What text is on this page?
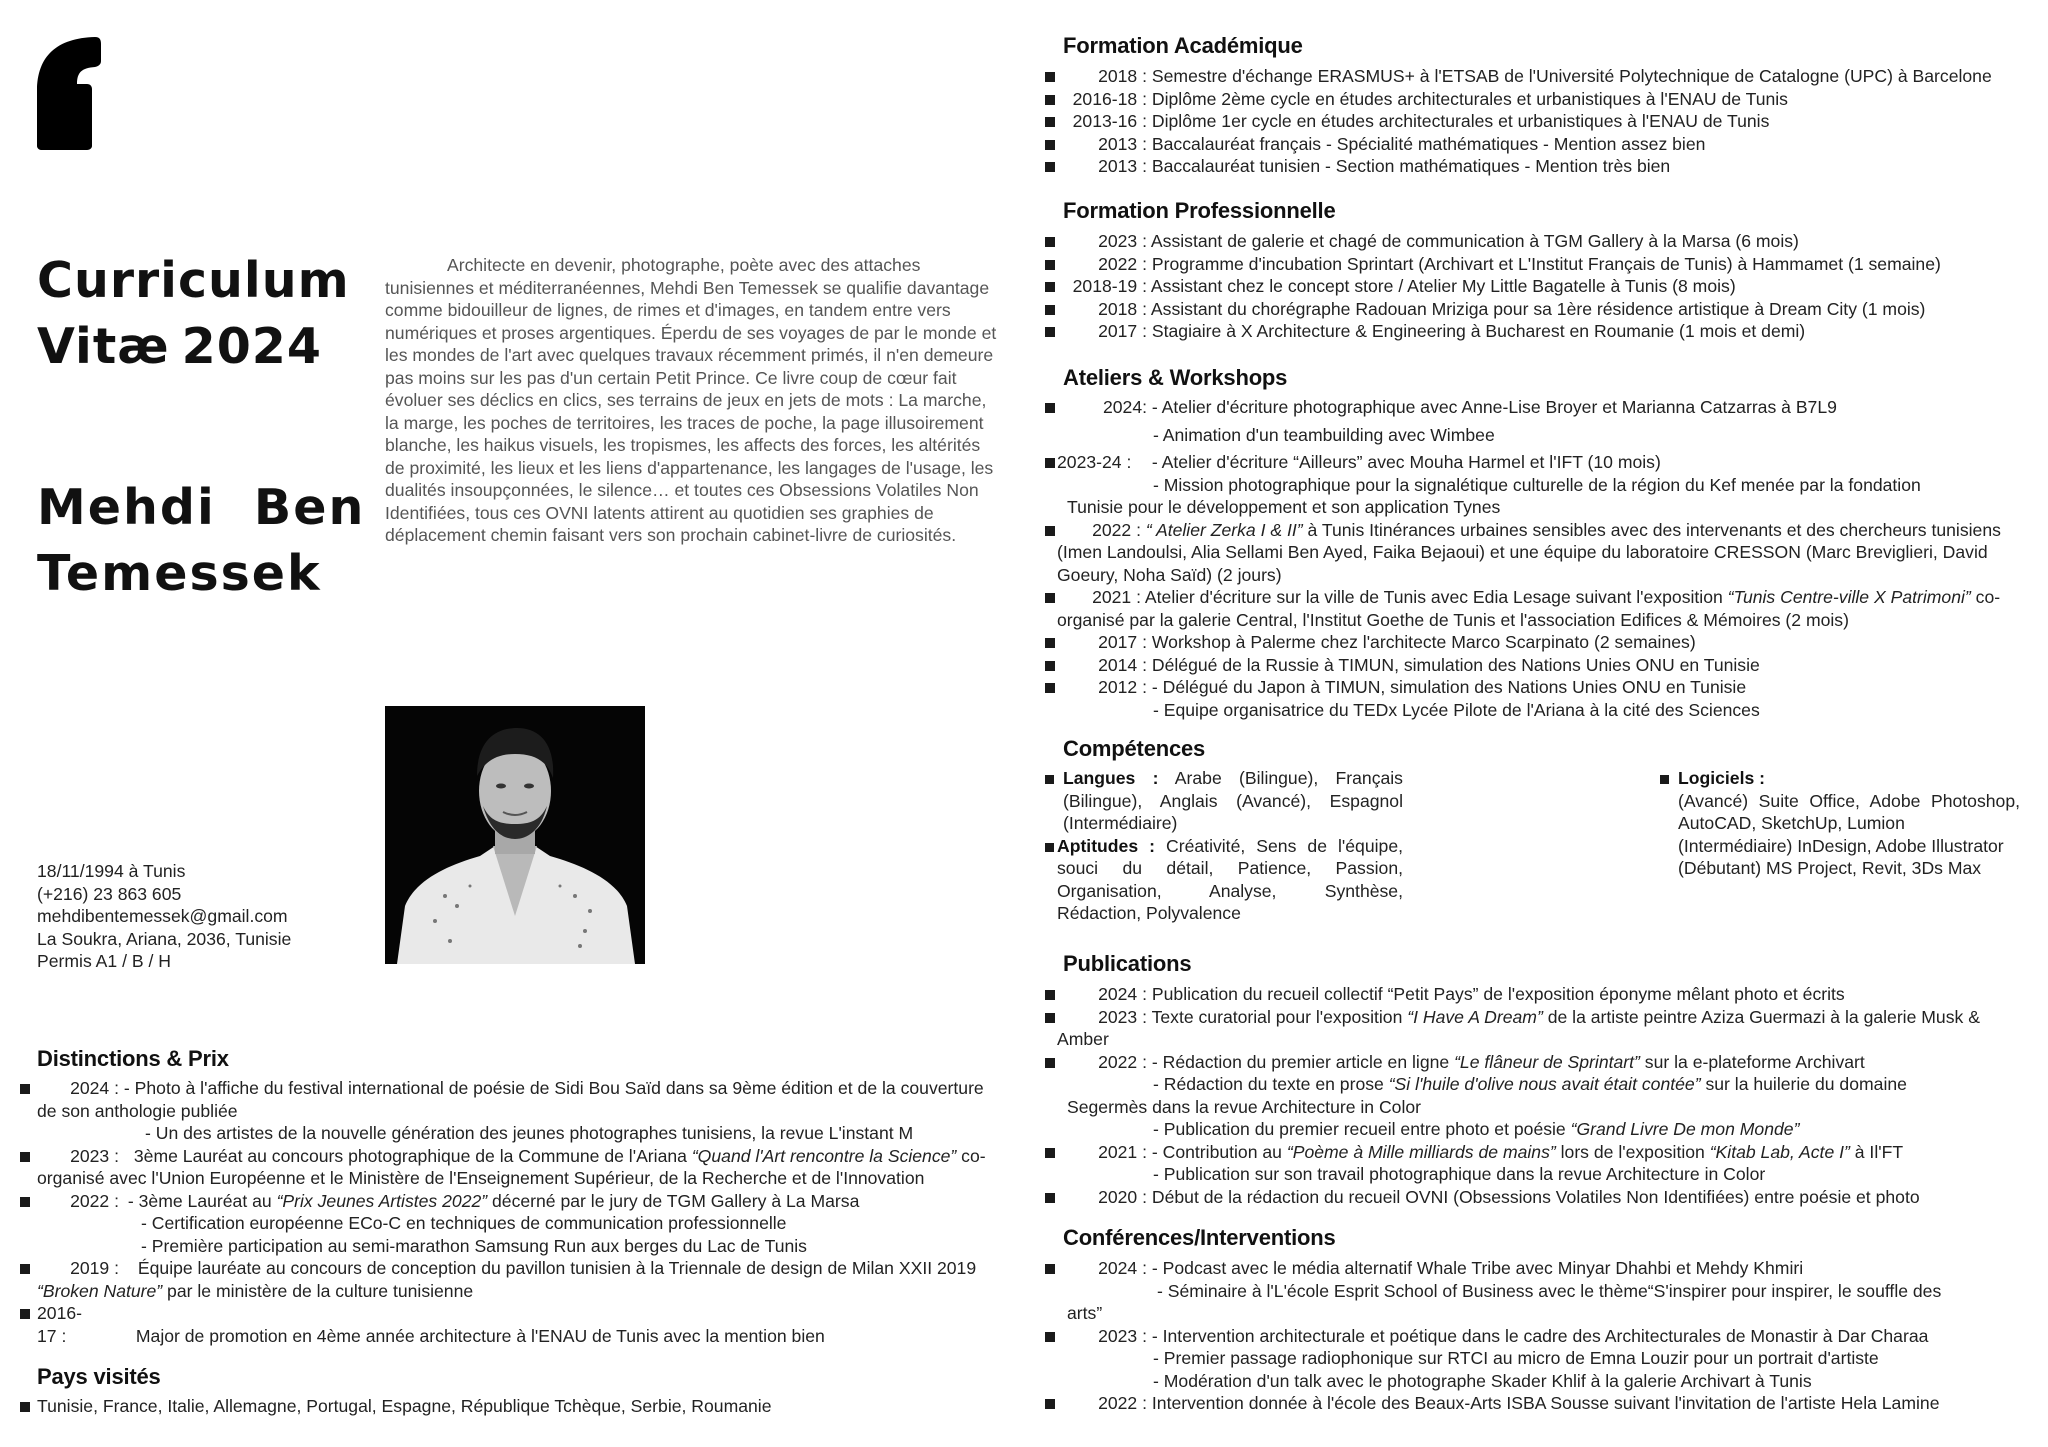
Curriculum
Vitæ 2024
Mehdi  Ben
Temessek
Architecte en devenir, photographe, poète avec des attaches tunisiennes et méditerranéennes, Mehdi Ben Temessek se qualifie davantage comme bidouilleur de lignes, de rimes et d'images, en tandem entre vers numériques et proses argentiques. Éperdu de ses voyages de par le monde et les mondes de l'art avec quelques travaux récemment primés, il n'en demeure pas moins sur les pas d'un certain Petit Prince. Ce livre coup de cœur fait évoluer ses déclics en clics, ses terrains de jeux en jets de mots : La marche, la marge, les poches de territoires, les traces de poche, la page illusoirement blanche, les haikus visuels, les tropismes, les affects des forces, les altérités de proximité, les lieux et les liens d'appartenance, les langages de l'usage, les dualités insoupçonnées, le silence… et toutes ces Obsessions Volatiles Non Identifiées, tous ces OVNI latents attirent au quotidien ses graphies de déplacement chemin faisant vers son prochain cabinet-livre de curiosités.
18/11/1994 à Tunis
(+216) 23 863 605
mehdibentemessek@gmail.com
La Soukra, Ariana, 2036, Tunisie
Permis A1 / B / H
Distinctions & Prix
2024 : - Photo à l'affiche du festival international de poésie de Sidi Bou Saïd dans sa 9ème édition et de la couverture de son anthologie publiée
- Un des artistes de la nouvelle génération des jeunes photographes tunisiens, la revue L'instant M
2023 : 3ème Lauréat au concours photographique de la Commune de l'Ariana “Quand l'Art rencontre la Science” co-organisé avec l'Union Européenne et le Ministère de l'Enseignement Supérieur, de la Recherche et de l'Innovation
2022 : - 3ème Lauréat au “Prix Jeunes Artistes 2022” décerné par le jury de TGM Gallery à La Marsa
- Certification européenne ECo-C en techniques de communication professionnelle
- Première participation au semi-marathon Samsung Run aux berges du Lac de Tunis
2019 : Équipe lauréate au concours de conception du pavillon tunisien à la Triennale de design de Milan XXII 2019 “Broken Nature” par le ministère de la culture tunisienne
2016-17 :	Major de promotion en 4ème année architecture à l'ENAU de Tunis avec la mention bien
Pays visités
Tunisie, France, Italie, Allemagne, Portugal, Espagne, République Tchèque, Serbie, Roumanie
Formation Académique
2018 : Semestre d'échange ERASMUS+ à l'ETSAB de l'Université Polytechnique de Catalogne (UPC) à Barcelone
2016-18 : Diplôme 2ème cycle en études architecturales et urbanistiques à l'ENAU de Tunis
2013-16 : Diplôme 1er cycle en études architecturales et urbanistiques à l'ENAU de Tunis
2013 : Baccalauréat français - Spécialité mathématiques - Mention assez bien
2013 : Baccalauréat tunisien - Section mathématiques - Mention très bien
Formation Professionnelle
2023 : Assistant de galerie et chagé de communication à TGM Gallery à la Marsa (6 mois)
2022 : Programme d'incubation Sprintart (Archivart et L'Institut Français de Tunis) à Hammamet (1 semaine)
2018-19 : Assistant chez le concept store / Atelier My Little Bagatelle à Tunis (8 mois)
2018 : Assistant du chorégraphe Radouan Mriziga pour sa 1ère résidence artistique à Dream City (1 mois)
2017 : Stagiaire à X Architecture & Engineering à Bucharest en Roumanie (1 mois et demi)
Ateliers & Workshops
2024: - Atelier d'écriture photographique avec Anne-Lise Broyer et Marianna Catzarras à B7L9
- Animation d'un teambuilding avec Wimbee
2023-24 : - Atelier d'écriture “Ailleurs” avec Mouha Harmel et l'IFT (10 mois)
- Mission photographique pour la signalétique culturelle de la région du Kef menée par la fondation
Tunisie pour le développement et son application Tynes
2022 : “ Atelier Zerka I & II” à Tunis Itinérances urbaines sensibles avec des intervenants et des chercheurs tunisiens (Imen Landoulsi, Alia Sellami Ben Ayed, Faika Bejaoui) et une équipe du laboratoire CRESSON (Marc Breviglieri, David Goeury, Noha Saïd) (2 jours)
2021 : Atelier d'écriture sur la ville de Tunis avec Edia Lesage suivant l'exposition “Tunis Centre-ville X Patrimoni” co-organisé par la galerie Central, l'Institut Goethe de Tunis et l'association Edifices & Mémoires (2 mois)
2017 : Workshop à Palerme chez l'architecte Marco Scarpinato (2 semaines)
2014 : Délégué de la Russie à TIMUN, simulation des Nations Unies ONU en Tunisie
2012 : - Délégué du Japon à TIMUN, simulation des Nations Unies ONU en Tunisie
- Equipe organisatrice du TEDx Lycée Pilote de l'Ariana à la cité des Sciences
Compétences
Langues : Arabe (Bilingue), Français (Bilingue), Anglais (Avancé), Espagnol (Intermédiaire)
Aptitudes : Créativité, Sens de l'équipe, souci du détail, Patience, Passion, Organisation, Analyse, Synthèse, Rédaction, Polyvalence
Logiciels :
(Avancé) Suite Office, Adobe Photoshop, AutoCAD, SketchUp, Lumion
(Intermédiaire) InDesign, Adobe Illustrator
(Débutant) MS Project, Revit, 3Ds Max
Publications
2024 : Publication du recueil collectif “Petit Pays” de l'exposition éponyme mêlant photo et écrits
2023 : Texte curatorial pour l'exposition “I Have A Dream” de la artiste peintre Aziza Guermazi à la galerie Musk & Amber
2022 : - Rédaction du premier article en ligne “Le flâneur de Sprintart” sur la e-plateforme Archivart
- Rédaction du texte en prose “Si l'huile d'olive nous avait était contée” sur la huilerie du domaine
Segermès dans la revue Architecture in Color
- Publication du premier recueil entre photo et poésie “Grand Livre De mon Monde”
2021 : - Contribution au “Poème à Mille milliards de mains” lors de l'exposition “Kitab Lab, Acte I” à Il'FT
- Publication sur son travail photographique dans la revue Architecture in Color
2020 : Début de la rédaction du recueil OVNI (Obsessions Volatiles Non Identifiées) entre poésie et photo
Conférences/Interventions
2024 : - Podcast avec le média alternatif Whale Tribe avec Minyar Dhahbi et Mehdy Khmiri
- Séminaire à l'L'école Esprit School of Business avec le thème“S'inspirer pour inspirer, le souffle des
arts”
2023 : - Intervention architecturale et poétique dans le cadre des Architecturales de Monastir à Dar Charaa
- Premier passage radiophonique sur RTCI au micro de Emna Louzir pour un portrait d'artiste
- Modération d'un talk avec le photographe Skader Khlif à la galerie Archivart à Tunis
2022 : Intervention donnée à l'école des Beaux-Arts ISBA Sousse suivant l'invitation de l'artiste Hela Lamine
